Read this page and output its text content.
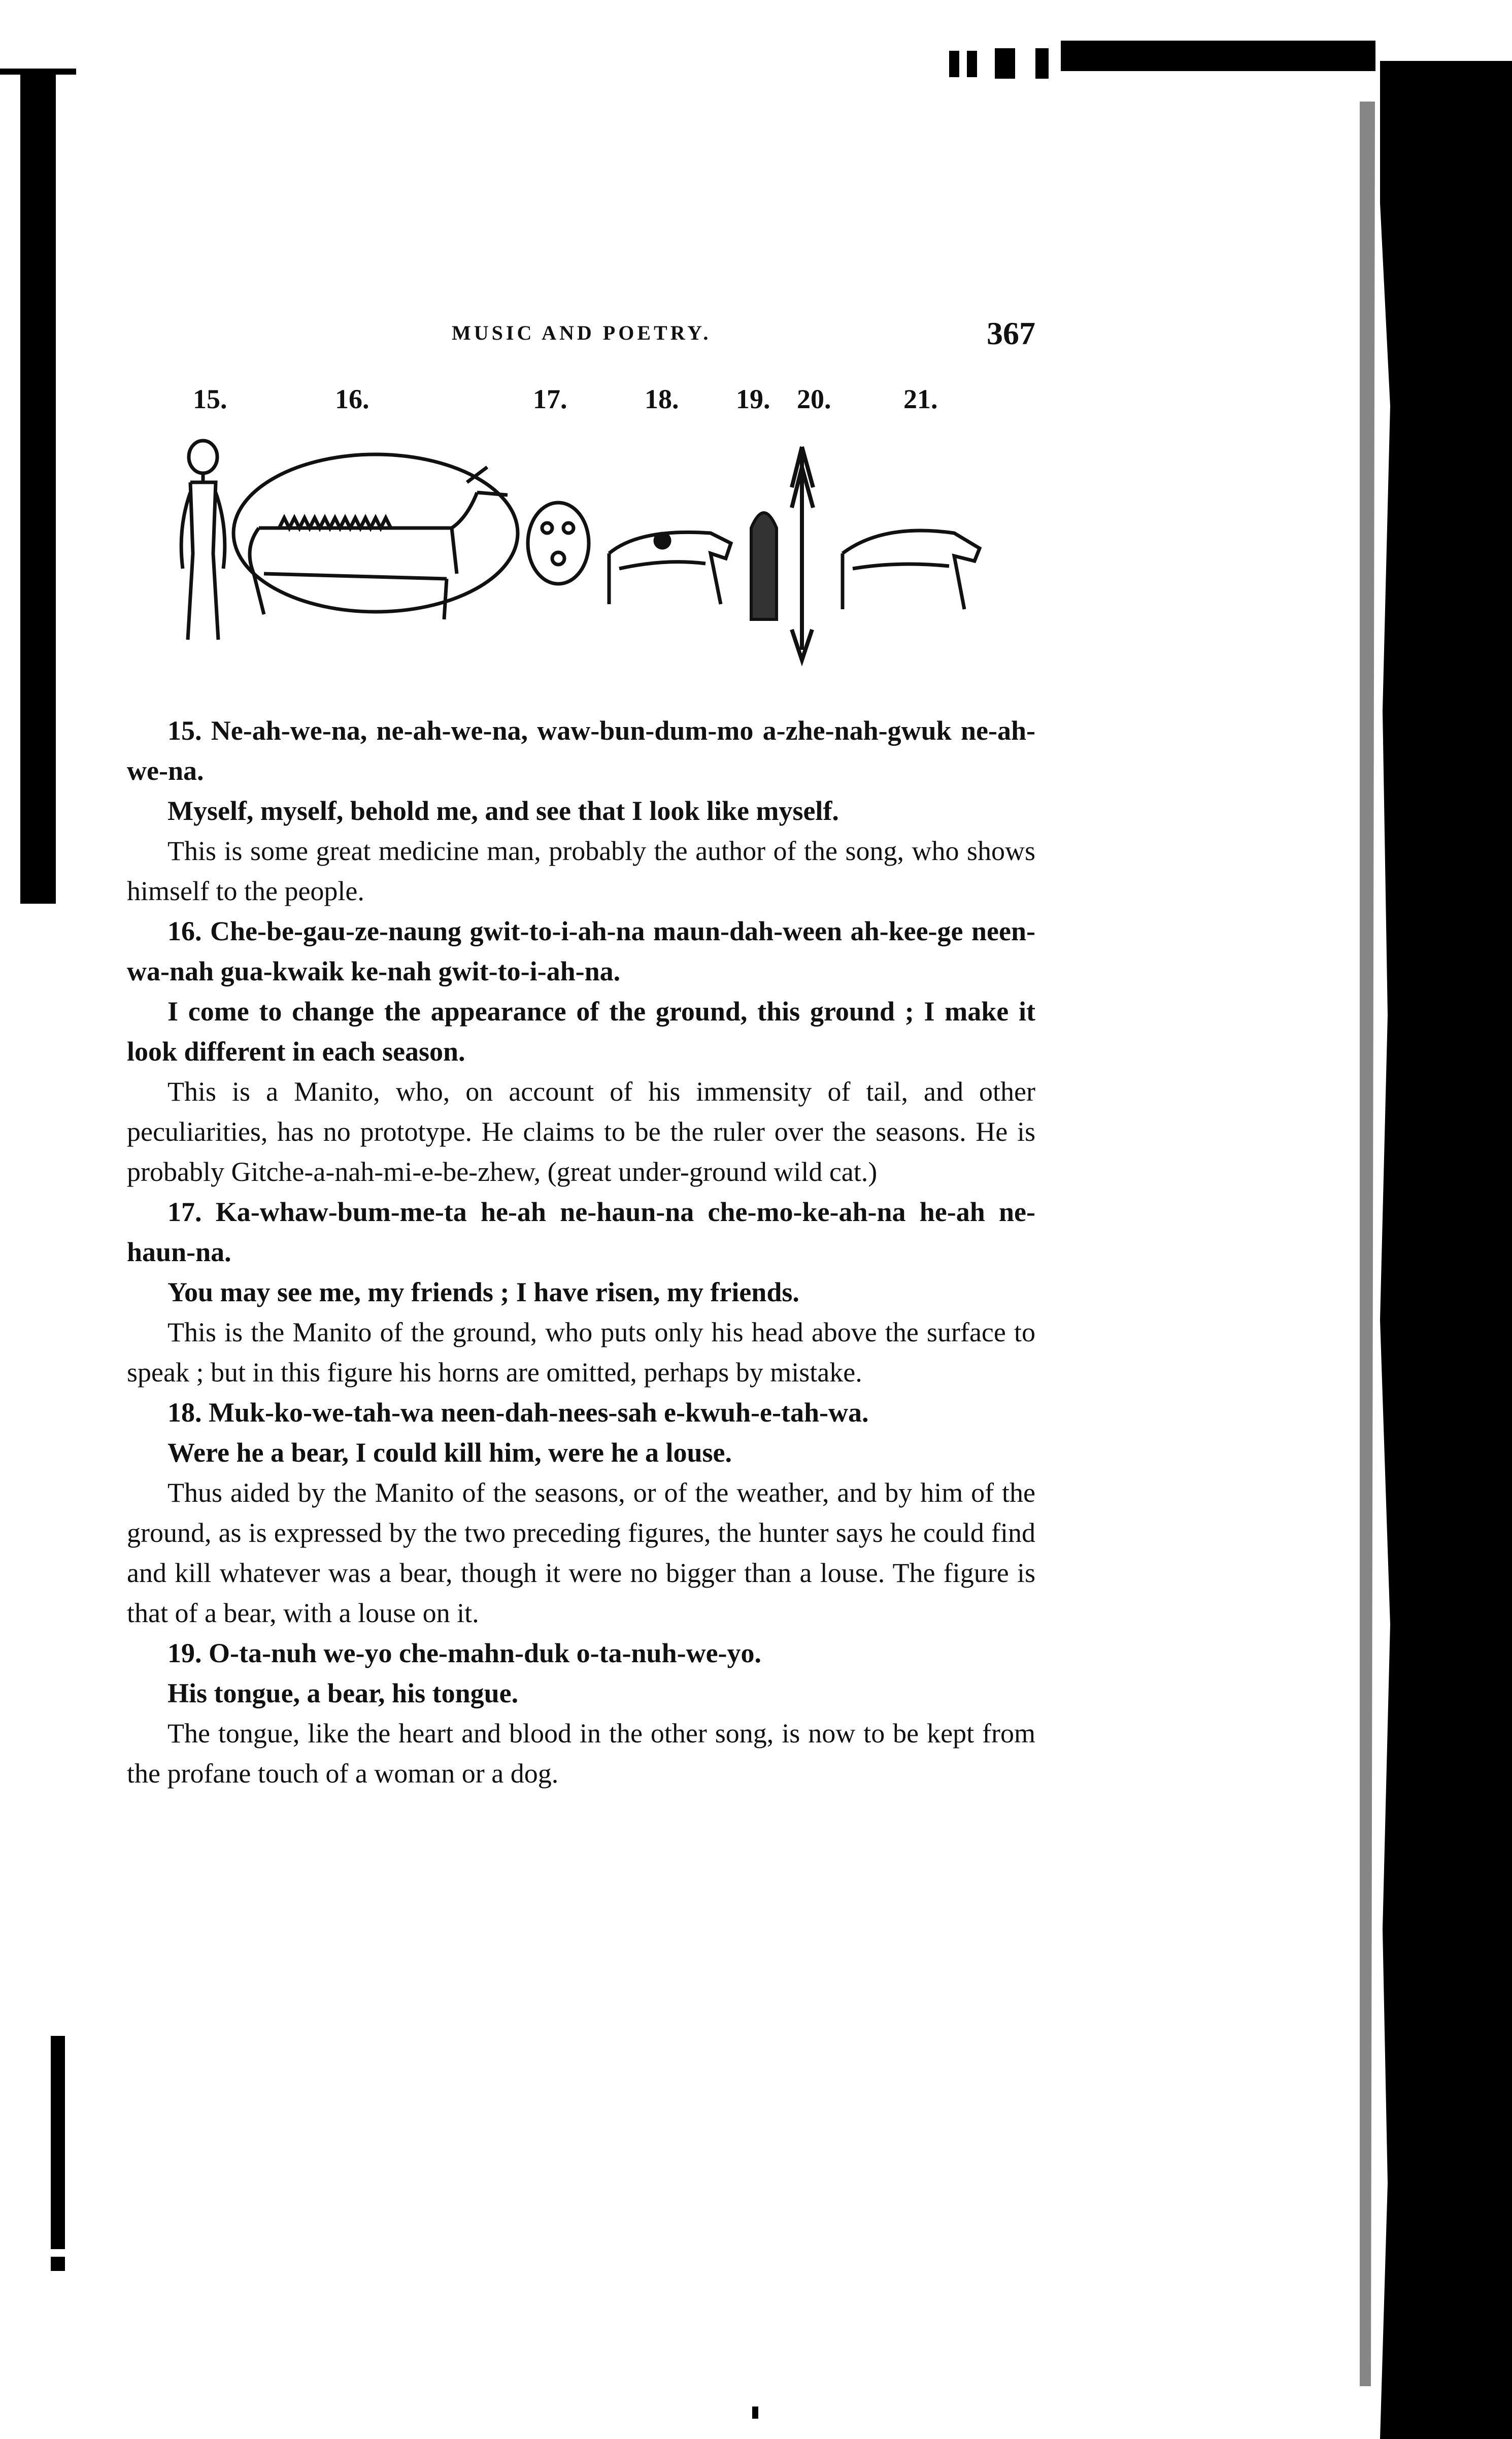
MUSIC AND POETRY.	367
15.	16.	17.	18. 19. 20.	21.

15. Ne-ah-we-na, ne-ah-we-na, waw-bun-dum-mo a-zhe-nah-gwuk ne-ah-we-na.

Myself, myself, behold me, and see that I look like myself.

This is some great medicine man, probably the author of the song, who shows himself to the people.

16. Che-be-gau-ze-naung gwit-to-i-ah-na maun-dah-ween ah-kee-ge neen-wa-nah gua-kwaik ke-nah gwit-to-i-ah-na.

I come to change the appearance of the ground, this ground ; I make it look different in each season.

This is a Manito, who, on account of his immensity of tail, and other peculiarities, has no prototype. He claims to be the ruler over the seasons. He is probably Gitche-a-nah-mi-e-be-zhew, (great under-ground wild cat.)

17. Ka-whaw-bum-me-ta he-ah ne-haun-na che-mo-ke-ah-na he-ah ne-haun-na.

You may see me, my friends ; I have risen, my friends.

This is the Manito of the ground, who puts only his head above the surface to speak ; but in this figure his horns are omitted, perhaps by mistake.

18. Muk-ko-we-tah-wa neen-dah-nees-sah e-kwuh-e-tah-wa.

Were he a bear, I could kill him, were he a louse.

Thus aided by the Manito of the seasons, or of the weather, and by him of the ground, as is expressed by the two preceding figures, the hunter says he could find and kill whatever was a bear, though it were no bigger than a louse. The figure is that of a bear, with a louse on it.

19. O-ta-nuh we-yo che-mahn-duk o-ta-nuh-we-yo.

His tongue, a bear, his tongue.

The tongue, like the heart and blood in the other song, is now to be kept from the profane touch of a woman or a dog.
